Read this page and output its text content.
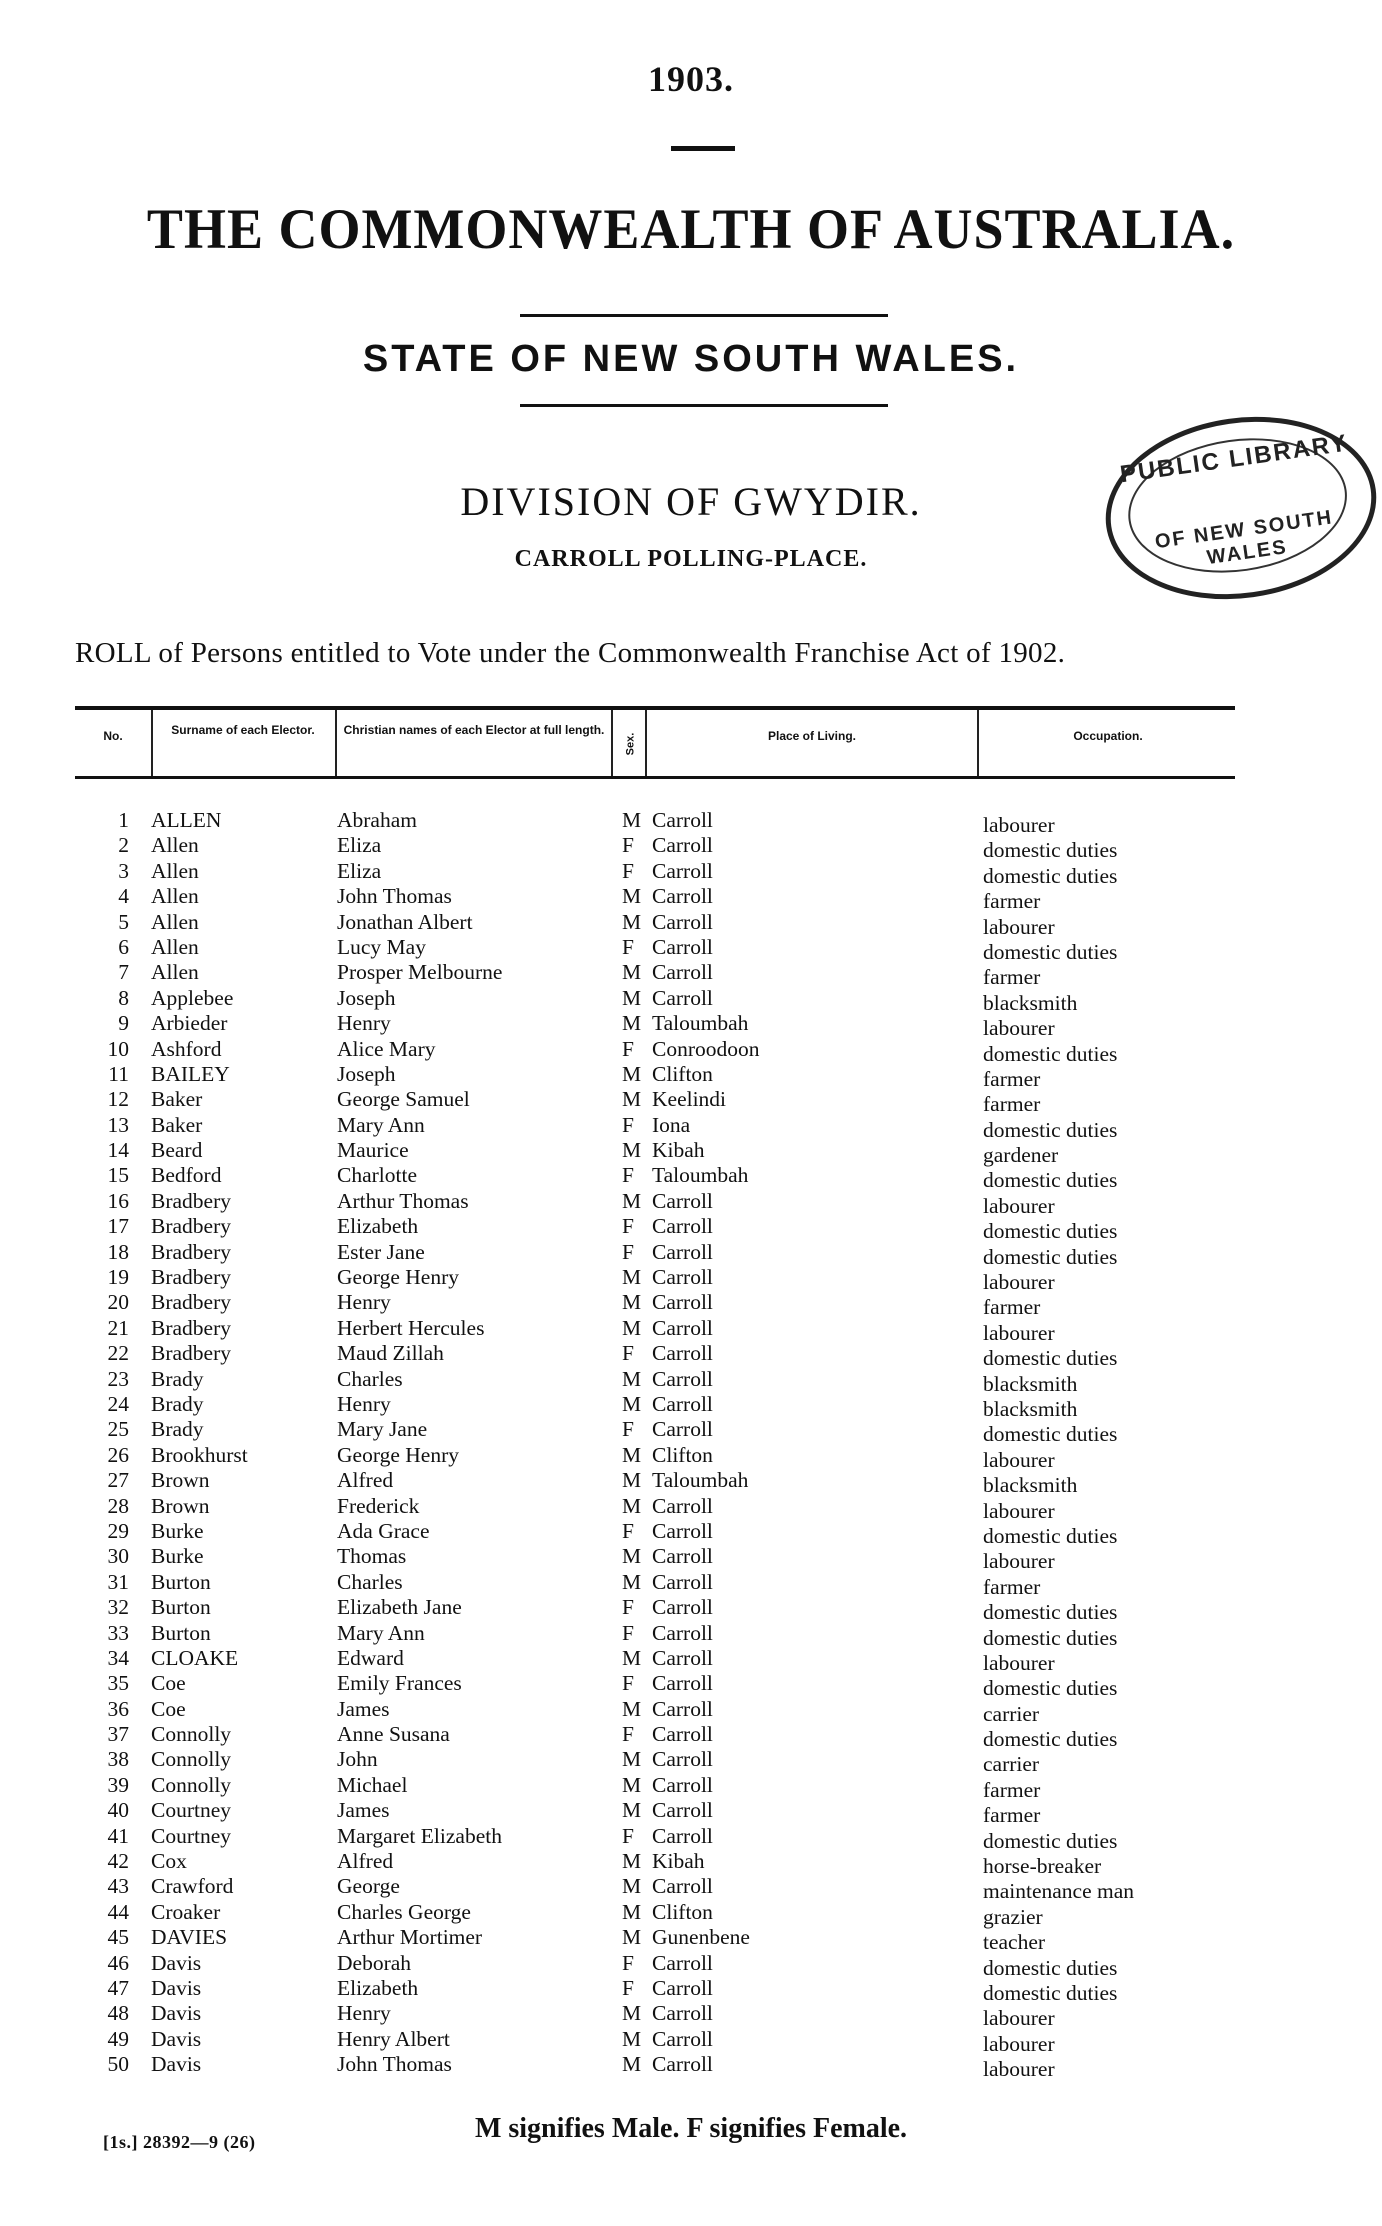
1903.
THE COMMONWEALTH OF AUSTRALIA.
STATE OF NEW SOUTH WALES.
DIVISION OF GWYDIR.
CARROLL POLLING-PLACE.
PUBLIC LIBRARY
OF NEW SOUTH WALES
ROLL of Persons entitled to Vote under the Commonwealth Franchise Act of 1902.
No.	Surname of each Elector.	Christian names of each Elector at full length.
Sex.	Place of Living.	Occupation.
1 ALLEN	Abraham	M Carroll	labourer
2 Allen	Eliza	F Carroll	domestic duties
3 Allen	Eliza	F Carroll	domestic duties
4 Allen	John Thomas	M Carroll	farmer
5 Allen	Jonathan Albert	M Carroll	labourer
6 Allen	Lucy May	F Carroll	domestic duties
7 Allen	Prosper Melbourne	M Carroll	farmer
8 Applebee	Joseph	M Carroll	blacksmith
9 Arbieder	Henry	M Taloumbah	labourer
10 Ashford	Alice Mary	F Conroodoon	domestic duties
11 BAILEY	Joseph	M Clifton	farmer
12 Baker	George Samuel	M Keelindi	farmer
13 Baker	Mary Ann	F Iona	domestic duties
14 Beard	Maurice	M Kibah	gardener
15 Bedford	Charlotte	F Taloumbah	domestic duties
16 Bradbery	Arthur Thomas	M Carroll	labourer
17 Bradbery	Elizabeth	F Carroll	domestic duties
18 Bradbery	Ester Jane	F Carroll	domestic duties
19 Bradbery	George Henry	M Carroll	labourer
20 Bradbery	Henry	M Carroll	farmer
21 Bradbery	Herbert Hercules	M Carroll	labourer
22 Bradbery	Maud Zillah	F Carroll	domestic duties
23 Brady	Charles	M Carroll	blacksmith
24 Brady	Henry	M Carroll	blacksmith
25 Brady	Mary Jane	F Carroll	domestic duties
26 Brookhurst	George Henry	M Clifton	labourer
27 Brown	Alfred	M Taloumbah	blacksmith
28 Brown	Frederick	M Carroll	labourer
29 Burke	Ada Grace	F Carroll	domestic duties
30 Burke	Thomas	M Carroll	labourer
31 Burton	Charles	M Carroll	farmer
32 Burton	Elizabeth Jane	F Carroll	domestic duties
33 Burton	Mary Ann	F Carroll	domestic duties
34 CLOAKE	Edward	M Carroll	labourer
35 Coe	Emily Frances	F Carroll	domestic duties
36 Coe	James	M Carroll	carrier
37 Connolly	Anne Susana	F Carroll	domestic duties
38 Connolly	John	M Carroll	carrier
39 Connolly	Michael	M Carroll	farmer
40 Courtney	James	M Carroll	farmer
41 Courtney	Margaret Elizabeth	F Carroll	domestic duties
42 Cox	Alfred	M Kibah	horse-breaker
43 Crawford	George	M Carroll	maintenance man
44 Croaker	Charles George	M Clifton	grazier
45 DAVIES	Arthur Mortimer	M Gunenbene	teacher
46 Davis	Deborah	F Carroll	domestic duties
47 Davis	Elizabeth	F Carroll	domestic duties
48 Davis	Henry	M Carroll	labourer
49 Davis	Henry Albert	M Carroll	labourer
50 Davis	John Thomas	M Carroll	labourer
M signifies Male. F signifies Female.
[1s.] 28392—9 (26)
